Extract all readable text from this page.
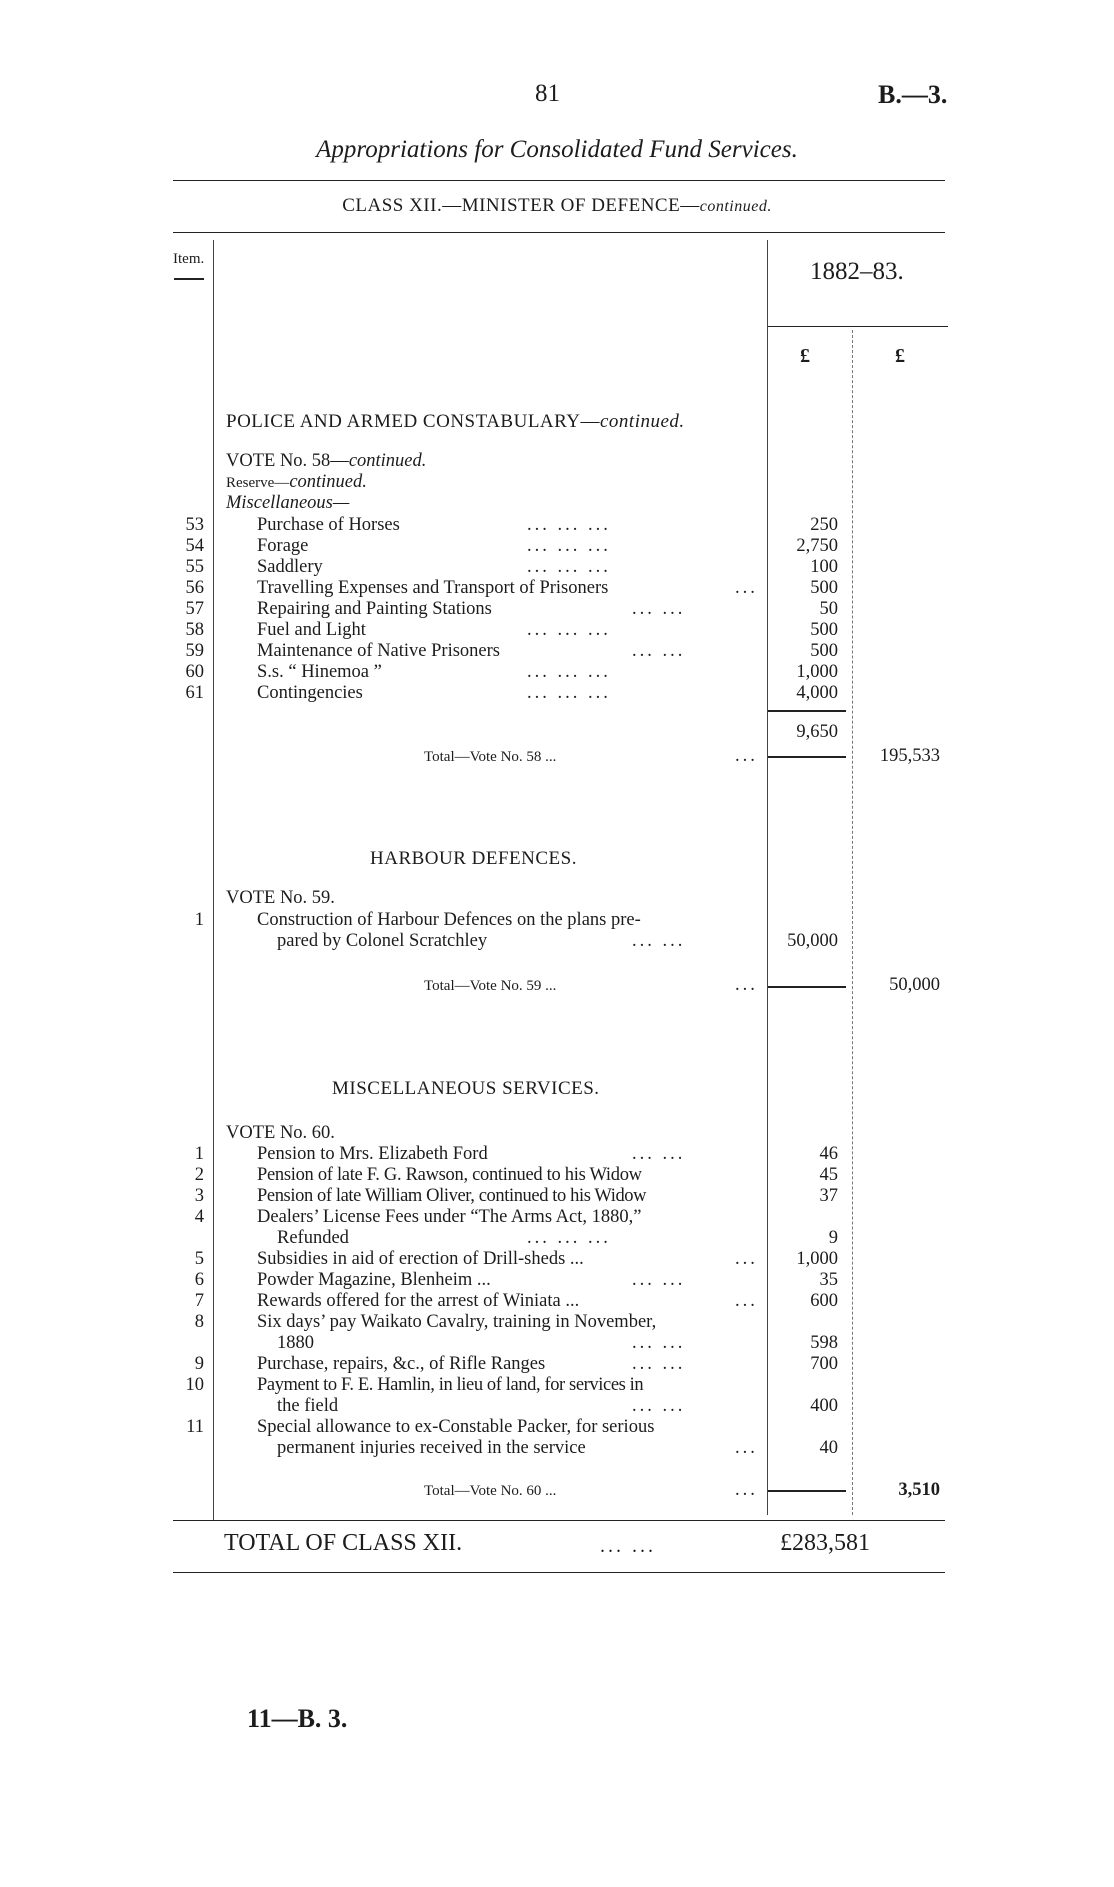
81	B.—3.
Appropriations for Consolidated Fund Services.
CLASS XII.—MINISTER OF DEFENCE—continued.
Item.	1882–83.
£	£
POLICE AND ARMED CONSTABULARY—continued.
VOTE No. 58—continued.
Reserve—continued.
Miscellaneous—
53	Purchase of Horses	... ... ...	250
54	Forage	... ... ...	2,750
55	Saddlery	... ... ...	100
56	Travelling Expenses and Transport of Prisoners	...	500
57	Repairing and Painting Stations	... ...	50
58	Fuel and Light	... ... ...	500
59	Maintenance of Native Prisoners	... ...	500
60	S.s. “ Hinemoa ”	... ... ...	1,000
61	Contingencies	... ... ...	4,000
9,650
Total—Vote No. 58 ...	...	195,533
HARBOUR DEFENCES.
VOTE No. 59.
1	Construction of Harbour Defences on the plans pre-
pared by Colonel Scratchley	... ...	50,000
Total—Vote No. 59 ...	...	50,000
MISCELLANEOUS SERVICES.
VOTE No. 60.
1	Pension to Mrs. Elizabeth Ford	... ...	46
2	Pension of late F. G. Rawson, continued to his Widow	45
3	Pension of late William Oliver, continued to his Widow	37
4	Dealers’ License Fees under “The Arms Act, 1880,”
Refunded	... ... ...	9
5	Subsidies in aid of erection of Drill-sheds ...	...	1,000
6	Powder Magazine, Blenheim ...	... ...	35
7	Rewards offered for the arrest of Winiata ...	...	600
8	Six days’ pay Waikato Cavalry, training in November,
1880	... ...	598
9	Purchase, repairs, &c., of Rifle Ranges	... ...	700
10	Payment to F. E. Hamlin, in lieu of land, for services in
the field	... ...	400
11	Special allowance to ex-Constable Packer, for serious
permanent injuries received in the service	...	40
Total—Vote No. 60 ...	...	3,510
TOTAL OF CLASS XII.	... ...	£283,581
11—B. 3.
